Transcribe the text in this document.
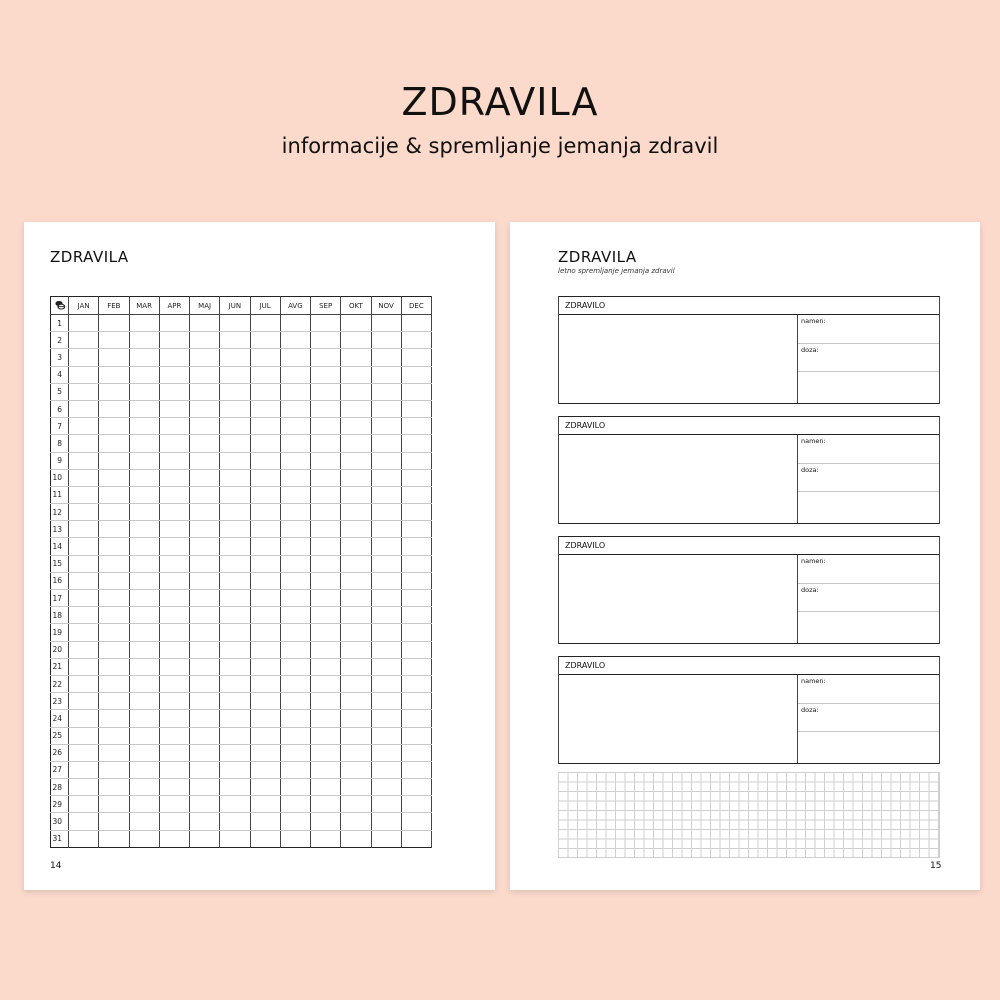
ZDRAVILA
informacije & spremljanje jemanja zdravil
ZDRAVILA
	JAN	FEB	MAR	APR	MAJ	JUN	JUL	AVG	SEP	OKT	NOV	DEC
1												
2												
3												
4												
5												
6												
7												
8												
9												
10												
11												
12												
13												
14												
15												
16												
17												
18												
19												
20												
21												
22												
23												
24												
25												
26												
27												
28												
29												
30												
31												
14
ZDRAVILA
letno spremljanje jemanja zdravil
ZDRAVILO
namen:
doza:
ZDRAVILO
namen:
doza:
ZDRAVILO
namen:
doza:
ZDRAVILO
namen:
doza:
15
